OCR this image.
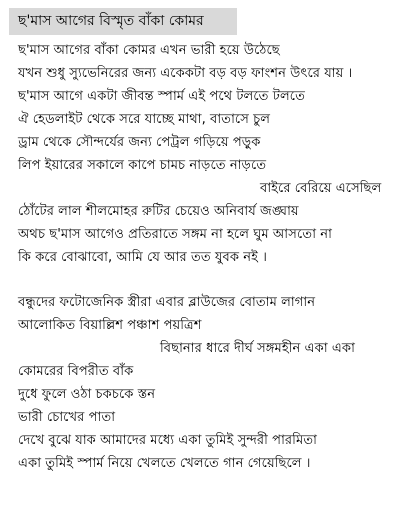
ছ'মাস আগের বিস্মৃত বাঁকা কোমর
ছ'মাস আগের বাঁকা কোমর এখন ভারী হয়ে উঠেছে
যখন শুধু স্যুভেনিরের জন্য একেকটা বড় বড় ফাংশন উৎরে যায় ।
ছ'মাস আগে একটা জীবন্ত স্পার্ম এই পথে টলতে টলতে
ঐ হেডলাইট থেকে সরে যাচ্ছে মাথা, বাতাসে চুল
ড্রাম থেকে সৌন্দর্যের জন্য পেট্রল গড়িয়ে পড়ুক
লিপ ইয়ারের সকালে কাপে চামচ নাড়তে নাড়তে
বাইরে বেরিয়ে এসেছিল
ঠোঁটের লাল শীলমোহর রুটির চেয়েও অনিবার্য জঙ্ঘায়
অথচ ছ'মাস আগেও প্রতিরাতে সঙ্গম না হলে ঘুম আসতো না
কি করে বোঝাবো, আমি যে আর তত যুবক নই ।
বন্ধুদের ফটোজেনিক স্ত্রীরা এবার ব্লাউজের বোতাম লাগান
আলোকিত বিয়াল্লিশ পঞ্চাশ পয়ত্রিশ
বিছানার ধারে দীর্ঘ সঙ্গমহীন একা একা
কোমরের বিপরীত বাঁক
দুধে ফুলে ওঠা চকচকে স্তন
ভারী চোখের পাতা
দেখে বুঝে যাক আমাদের মধ্যে একা তুমিই সুন্দরী পারমিতা
একা তুমিই স্পার্ম নিয়ে খেলতে খেলতে গান গেয়েছিলে ।
